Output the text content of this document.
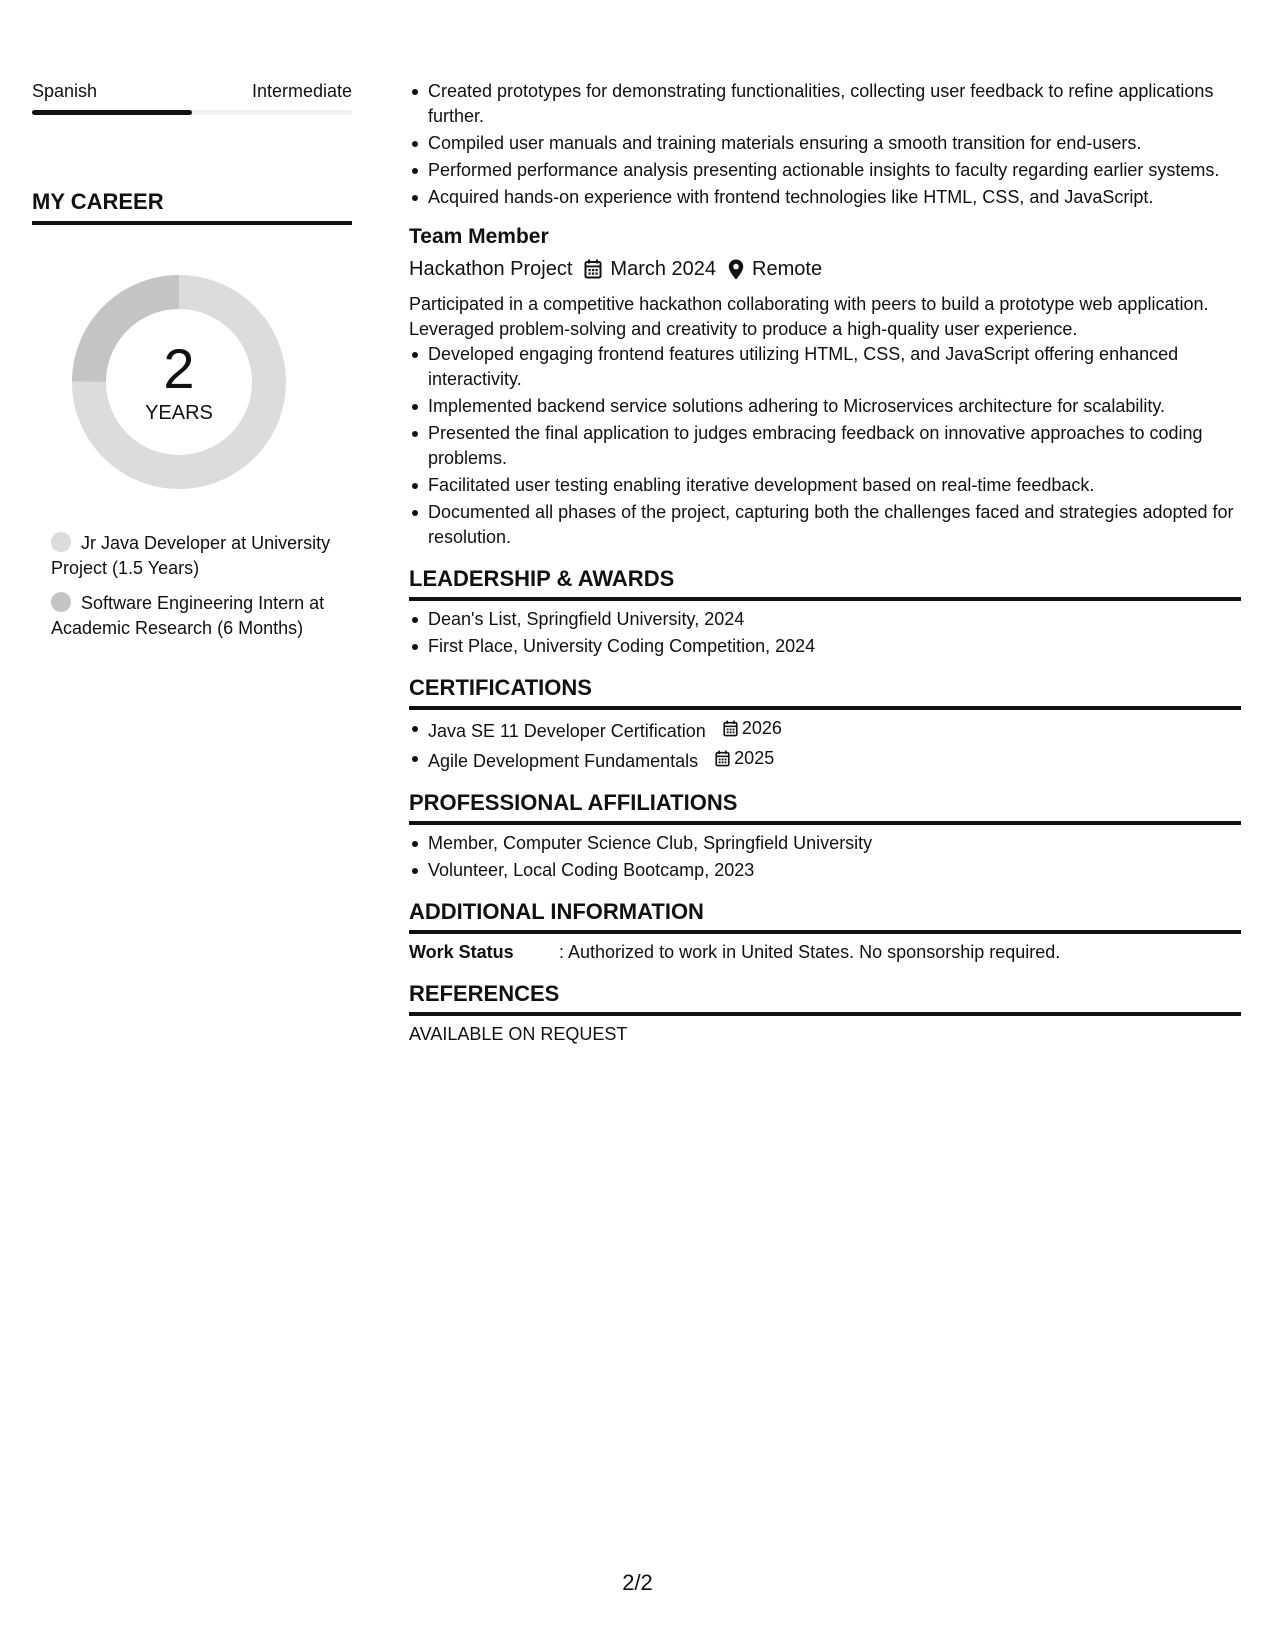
Spanish	Intermediate
MY CAREER
2
YEARS
Jr Java Developer at University Project (1.5 Years)
Software Engineering Intern at Academic Research (6 Months)
Created prototypes for demonstrating functionalities, collecting user feedback to refine applications further.
Compiled user manuals and training materials ensuring a smooth transition for end-users.
Performed performance analysis presenting actionable insights to faculty regarding earlier systems.
Acquired hands-on experience with frontend technologies like HTML, CSS, and JavaScript.
Team Member
Hackathon Project March 2024 Remote
Participated in a competitive hackathon collaborating with peers to build a prototype web application. Leveraged problem-solving and creativity to produce a high-quality user experience.
Developed engaging frontend features utilizing HTML, CSS, and JavaScript offering enhanced interactivity.
Implemented backend service solutions adhering to Microservices architecture for scalability.
Presented the final application to judges embracing feedback on innovative approaches to coding problems.
Facilitated user testing enabling iterative development based on real-time feedback.
Documented all phases of the project, capturing both the challenges faced and strategies adopted for resolution.
LEADERSHIP & AWARDS
Dean's List, Springfield University, 2024
First Place, University Coding Competition, 2024
CERTIFICATIONS
Java SE 11 Developer Certification 2026
Agile Development Fundamentals 2025
PROFESSIONAL AFFILIATIONS
Member, Computer Science Club, Springfield University
Volunteer, Local Coding Bootcamp, 2023
ADDITIONAL INFORMATION
Work Status	: Authorized to work in United States. No sponsorship required.
REFERENCES
AVAILABLE ON REQUEST
2/2
